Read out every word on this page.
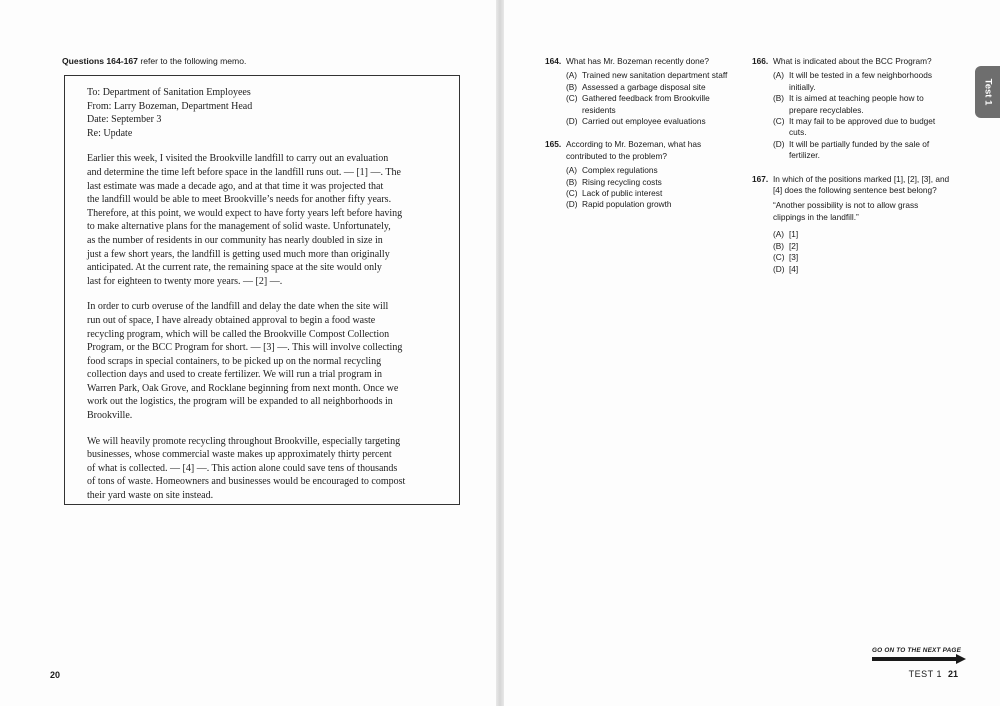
Questions 164-167 refer to the following memo.
To: Department of Sanitation Employees
From: Larry Bozeman, Department Head
Date: September 3
Re: Update
Earlier this week, I visited the Brookville landfill to carry out an evaluation
and determine the time left before space in the landfill runs out. — [1] —. The
last estimate was made a decade ago, and at that time it was projected that
the landfill would be able to meet Brookville’s needs for another fifty years.
Therefore, at this point, we would expect to have forty years left before having
to make alternative plans for the management of solid waste. Unfortunately,
as the number of residents in our community has nearly doubled in size in
just a few short years, the landfill is getting used much more than originally
anticipated. At the current rate, the remaining space at the site would only
last for eighteen to twenty more years. — [2] —.
In order to curb overuse of the landfill and delay the date when the site will
run out of space, I have already obtained approval to begin a food waste
recycling program, which will be called the Brookville Compost Collection
Program, or the BCC Program for short. — [3] —. This will involve collecting
food scraps in special containers, to be picked up on the normal recycling
collection days and used to create fertilizer. We will run a trial program in
Warren Park, Oak Grove, and Rocklane beginning from next month. Once we
work out the logistics, the program will be expanded to all neighborhoods in
Brookville.
We will heavily promote recycling throughout Brookville, especially targeting
businesses, whose commercial waste makes up approximately thirty percent
of what is collected. — [4] —. This action alone could save tens of thousands
of tons of waste. Homeowners and businesses would be encouraged to compost
their yard waste on site instead.
164. What has Mr. Bozeman recently done?
(A) Trained new sanitation department staff
(B) Assessed a garbage disposal site
(C) Gathered feedback from Brookville residents
(D) Carried out employee evaluations
165. According to Mr. Bozeman, what has contributed to the problem?
(A) Complex regulations
(B) Rising recycling costs
(C) Lack of public interest
(D) Rapid population growth
166. What is indicated about the BCC Program?
(A) It will be tested in a few neighborhoods initially.
(B) It is aimed at teaching people how to prepare recyclables.
(C) It may fail to be approved due to budget cuts.
(D) It will be partially funded by the sale of fertilizer.
167. In which of the positions marked [1], [2], [3], and [4] does the following sentence best belong?
“Another possibility is not to allow grass clippings in the landfill.”
(A) [1]
(B) [2]
(C) [3]
(D) [4]
Test 1
20
GO ON TO THE NEXT PAGE
TEST 1 21
